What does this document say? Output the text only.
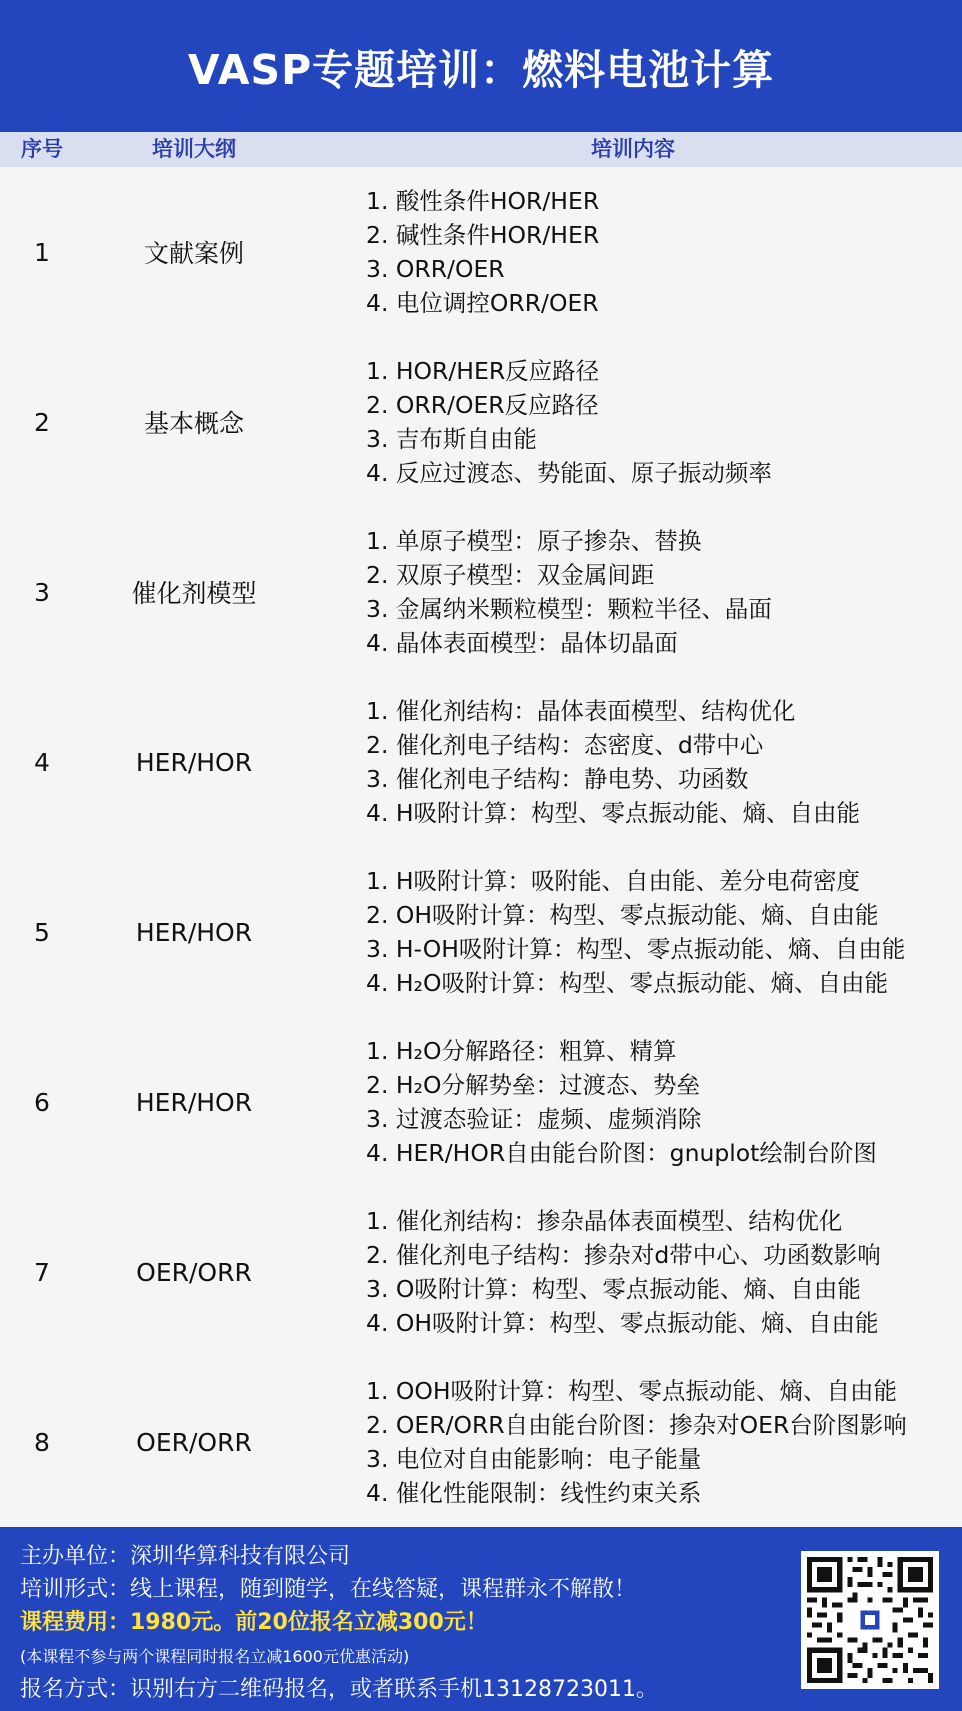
VASP专题培训：燃料电池计算
序号	培训大纲	培训内容
1	文献案例
1. 酸性条件HOR/HER
2. 碱性条件HOR/HER
3. ORR/OER
4. 电位调控ORR/OER
2	基本概念
1. HOR/HER反应路径
2. ORR/OER反应路径
3. 吉布斯自由能
4. 反应过渡态、势能面、原子振动频率
3	催化剂模型
1. 单原子模型：原子掺杂、替换
2. 双原子模型：双金属间距
3. 金属纳米颗粒模型：颗粒半径、晶面
4. 晶体表面模型：晶体切晶面
4	HER/HOR
1. 催化剂结构：晶体表面模型、结构优化
2. 催化剂电子结构：态密度、d带中心
3. 催化剂电子结构：静电势、功函数
4. H吸附计算：构型、零点振动能、熵、自由能
5	HER/HOR
1. H吸附计算：吸附能、自由能、差分电荷密度
2. OH吸附计算：构型、零点振动能、熵、自由能
3. H-OH吸附计算：构型、零点振动能、熵、自由能
4. H₂O吸附计算：构型、零点振动能、熵、自由能
6	HER/HOR
1. H₂O分解路径：粗算、精算
2. H₂O分解势垒：过渡态、势垒
3. 过渡态验证：虚频、虚频消除
4. HER/HOR自由能台阶图：gnuplot绘制台阶图
7	OER/ORR
1. 催化剂结构：掺杂晶体表面模型、结构优化
2. 催化剂电子结构：掺杂对d带中心、功函数影响
3. O吸附计算：构型、零点振动能、熵、自由能
4. OH吸附计算：构型、零点振动能、熵、自由能
8	OER/ORR
1. OOH吸附计算：构型、零点振动能、熵、自由能
2. OER/ORR自由能台阶图：掺杂对OER台阶图影响
3. 电位对自由能影响：电子能量
4. 催化性能限制：线性约束关系
主办单位：深圳华算科技有限公司
培训形式：线上课程，随到随学，在线答疑，课程群永不解散！
课程费用：1980元。前20位报名立减300元！
(本课程不参与两个课程同时报名立减1600元优惠活动)
报名方式：识别右方二维码报名，或者联系手机13128723011。
